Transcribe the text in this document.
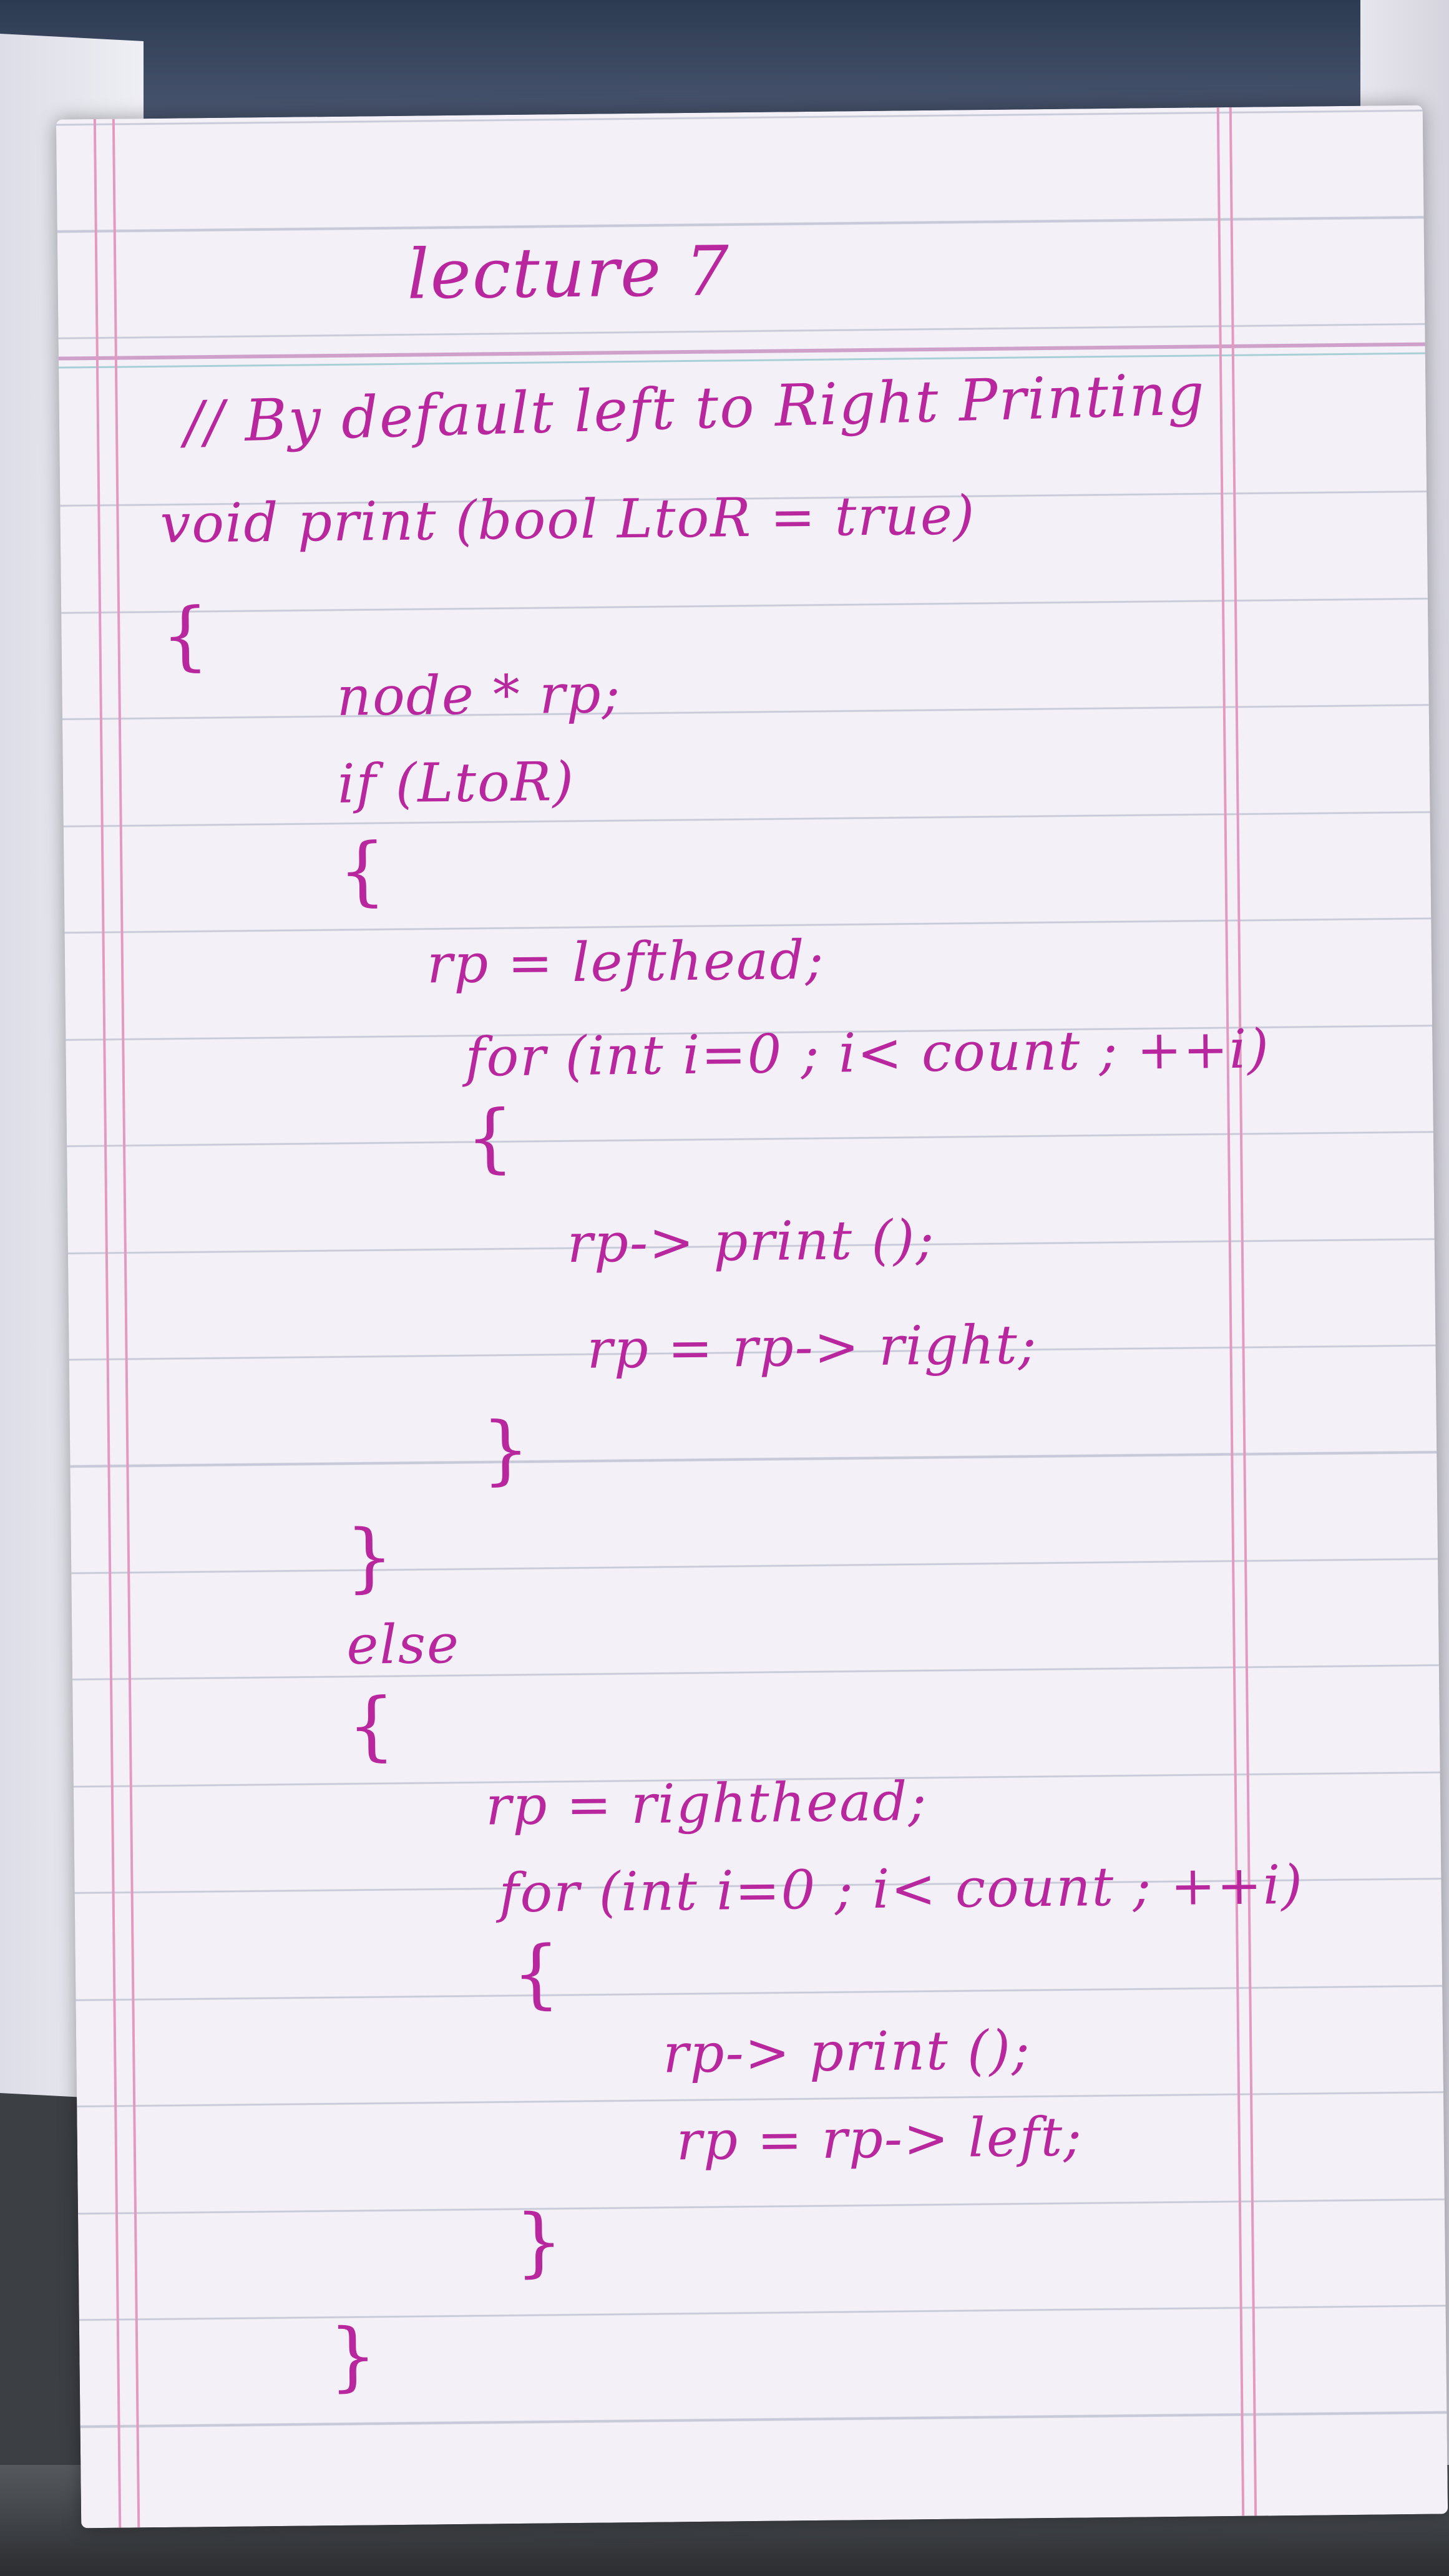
lecture 7
// By default left to Right Printing
void print (bool LtoR = true)
{
node * rp;
if (LtoR)
{
rp = lefthead;
for (int i=0 ; i< count ; ++i)
{
rp-> print ();
rp = rp-> right;
}
}
else
{
rp = righthead;
for (int i=0 ; i< count ; ++i)
{
rp-> print ();
rp = rp-> left;
}
}
